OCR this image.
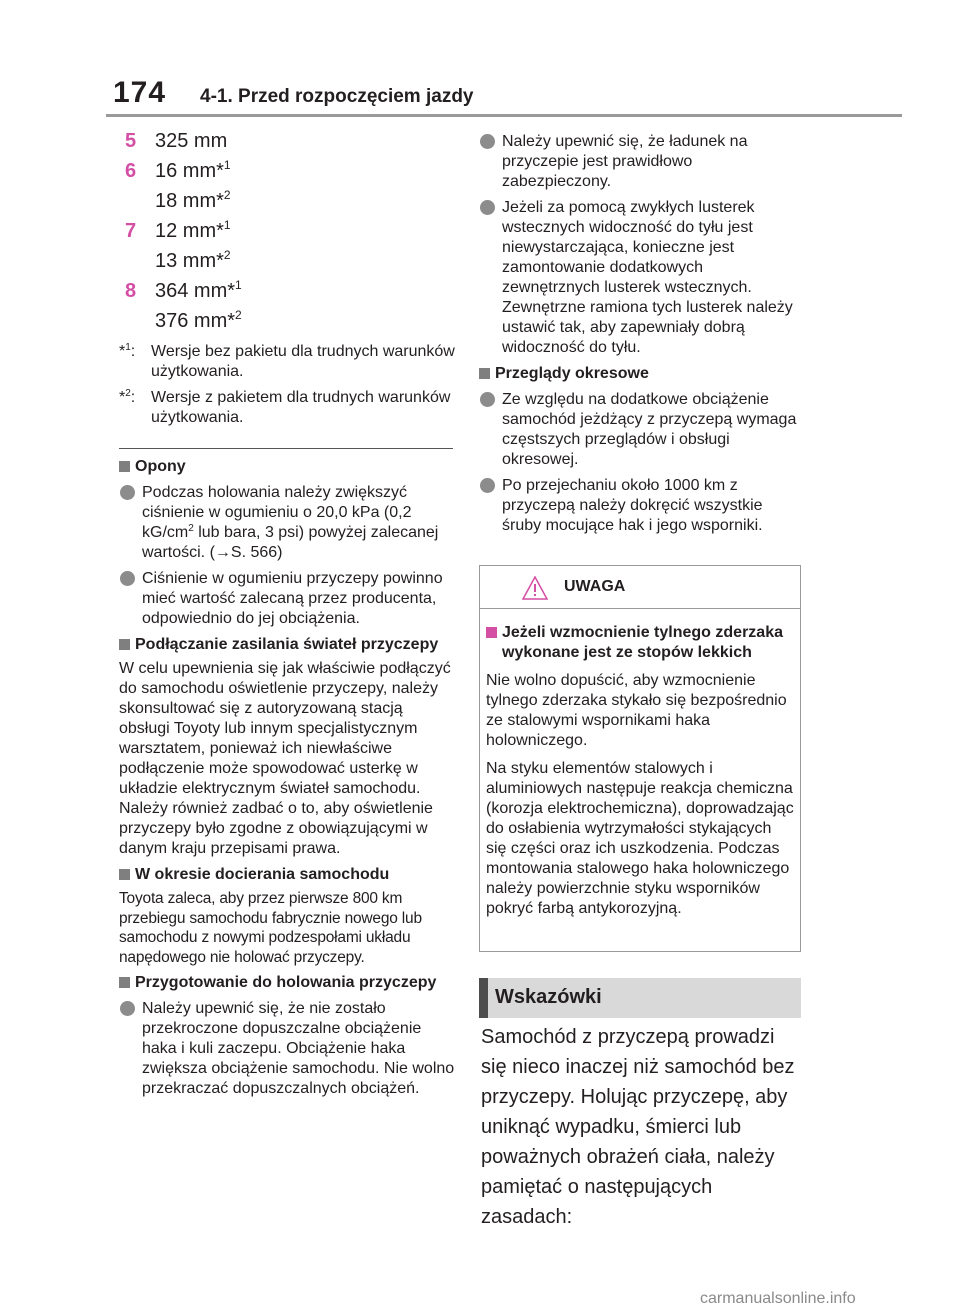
174 4-1. Przed rozpoczęciem jazdy
5 325 mm
6 16 mm*$^1$
18 mm*$^2$
7 12 mm*$^1$
13 mm*$^2$
8 364 mm*$^1$
376 mm*$^2$
*$^1$: Wersje bez pakietu dla trudnych warunków użytkowania.
*$^2$: Wersje z pakietem dla trudnych warunków użytkowania.
Opony
Podczas holowania należy zwiększyć ciśnienie w ogumieniu o 20,0 kPa (0,2 $kG/cm^2$ lub bara, 3 psi) powyżej zalecanej wartości. (→S. 566)
Ciśnienie w ogumieniu przyczepy powinno mieć wartość zalecaną przez producenta, odpowiednio do jej obciążenia.
Podłączanie zasilania świateł przyczepy
W celu upewnienia się jak właściwie podłączyć do samochodu oświetlenie przyczepy, należy skonsultować się z autoryzowaną stacją obsługi Toyoty lub innym specjalistycznym warsztatem, ponieważ ich niewłaściwe podłączenie może spowodować usterkę w układzie elektrycznym świateł samochodu. Należy również zadbać o to, aby oświetlenie przyczepy było zgodne z obowiązującymi w danym kraju przepisami prawa.
W okresie docierania samochodu
Toyota zaleca, aby przez pierwsze 800 km przebiegu samochodu fabrycznie nowego lub samochodu z nowymi podzespołami układu napędowego nie holować przyczepy.
Przygotowanie do holowania przyczepy
Należy upewnić się, że nie zostało przekroczone dopuszczalne obciążenie haka i kuli zaczepu. Obciążenie haka zwiększa obciążenie samochodu. Nie wolno przekraczać dopuszczalnych obciążeń.
Należy upewnić się, że ładunek na przyczepie jest prawidłowo zabezpieczony.
Jeżeli za pomocą zwykłych lusterek wstecznych widoczność do tyłu jest niewystarczająca, konieczne jest zamontowanie dodatkowych zewnętrznych lusterek wstecznych. Zewnętrzne ramiona tych lusterek należy ustawić tak, aby zapewniały dobrą widoczność do tyłu.
Przeglądy okresowe
Ze względu na dodatkowe obciążenie samochód jeżdżący z przyczepą wymaga częstszych przeglądów i obsługi okresowej.
Po przejechaniu około 1000 km z przyczepą należy dokręcić wszystkie śruby mocujące hak i jego wsporniki.
UWAGA
Jeżeli wzmocnienie tylnego zderzaka wykonane jest ze stopów lekkich
Nie wolno dopuścić, aby wzmocnienie tylnego zderzaka stykało się bezpośrednio ze stalowymi wspornikami haka holowniczego.
Na styku elementów stalowych i aluminiowych następuje reakcja chemiczna (korozja elektrochemiczna), doprowadzając do osłabienia wytrzymałości stykających się części oraz ich uszkodzenia. Podczas montowania stalowego haka holowniczego należy powierzchnie styku wsporników pokryć farbą antykorozyjną.
Wskazówki
Samochód z przyczepą prowadzi się nieco inaczej niż samochód bez przyczepy. Holując przyczepę, aby uniknąć wypadku, śmierci lub poważnych obrażeń ciała, należy pamiętać o następujących zasadach:
carmanualsonline.info
